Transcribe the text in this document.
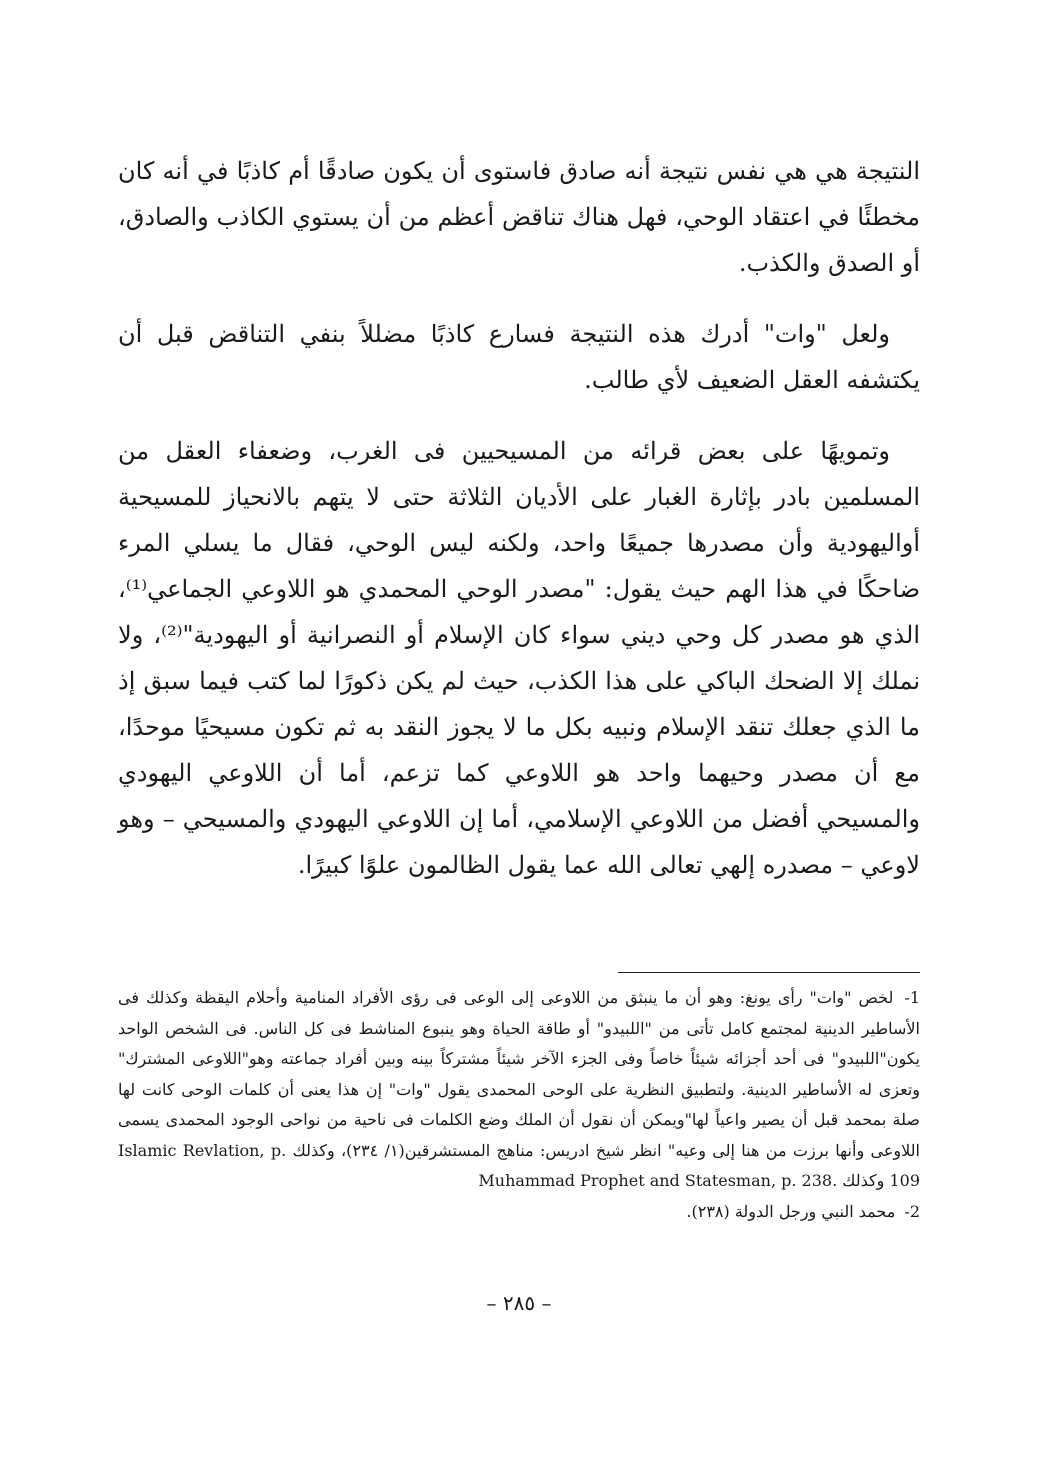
النتيجة هي هي نفس نتيجة أنه صادق فاستوى أن يكون صادقًا أم كاذبًا في أنه كان مخطئًا في اعتقاد الوحي، فهل هناك تناقض أعظم من أن يستوي الكاذب والصادق، أو الصدق والكذب.

ولعل "وات" أدرك هذه النتيجة فسارع كاذبًا مضللاً بنفي التناقض قبل أن يكتشفه العقل الضعيف لأي طالب.

وتمويهًا على بعض قرائه من المسيحيين فى الغرب، وضعفاء العقل من المسلمين بادر بإثارة الغبار على الأديان الثلاثة حتى لا يتهم بالانحياز للمسيحية أواليهودية وأن مصدرها جميعًا واحد، ولكنه ليس الوحي، فقال ما يسلي المرء ضاحكًا في هذا الهم حيث يقول: "مصدر الوحي المحمدي هو اللاوعي الجماعي⁽¹⁾، الذي هو مصدر كل وحي ديني سواء كان الإسلام أو النصرانية أو اليهودية"⁽²⁾، ولا نملك إلا الضحك الباكي على هذا الكذب، حيث لم يكن ذكورًا لما كتب فيما سبق إذ ما الذي جعلك تنقد الإسلام ونبيه بكل ما لا يجوز النقد به ثم تكون مسيحيًا موحدًا، مع أن مصدر وحيهما واحد هو اللاوعي كما تزعم، أما أن اللاوعي اليهودي والمسيحي أفضل من اللاوعي الإسلامي، أما إن اللاوعي اليهودي والمسيحي – وهو لاوعي – مصدره إلهي تعالى الله عما يقول الظالمون علوًا كبيرًا.

1- لخص "وات" رأى يونغ: وهو أن ما ينبثق من اللاوعى إلى الوعى فى رؤى الأفراد المنامية وأحلام اليقظة وكذلك فى الأساطير الدينية لمجتمع كامل تأتى من "اللبيدو" أو طاقة الحياة وهو ينبوع المناشط فى كل الناس. فى الشخص الواحد يكون"اللبيدو" فى أحد أجزائه شيئاً خاصاً وفى الجزء الآخر شيئاً مشتركاً بينه وبين أفراد جماعته وهو"اللاوعى المشترك" وتعزى له الأساطير الدينية. ولتطبيق النظرية على الوحى المحمدى يقول "وات" إن هذا يعنى أن كلمات الوحى كانت لها صلة بمحمد قبل أن يصير واعياً لها"ويمكن أن نقول أن الملك وضع الكلمات فى ناحية من نواحى الوجود المحمدى يسمى اللاوعى وأنها برزت من هنا إلى وعيه" انظر شيخ ادريس: مناهج المستشرقين(١/ ٢٣٤)، وكذلك Islamic Revlation, p. 109 وكذلك Muhammad Prophet and Statesman, p. 238.

2- محمد النبي ورجل الدولة (٢٣٨).

– ٢٨٥ –
